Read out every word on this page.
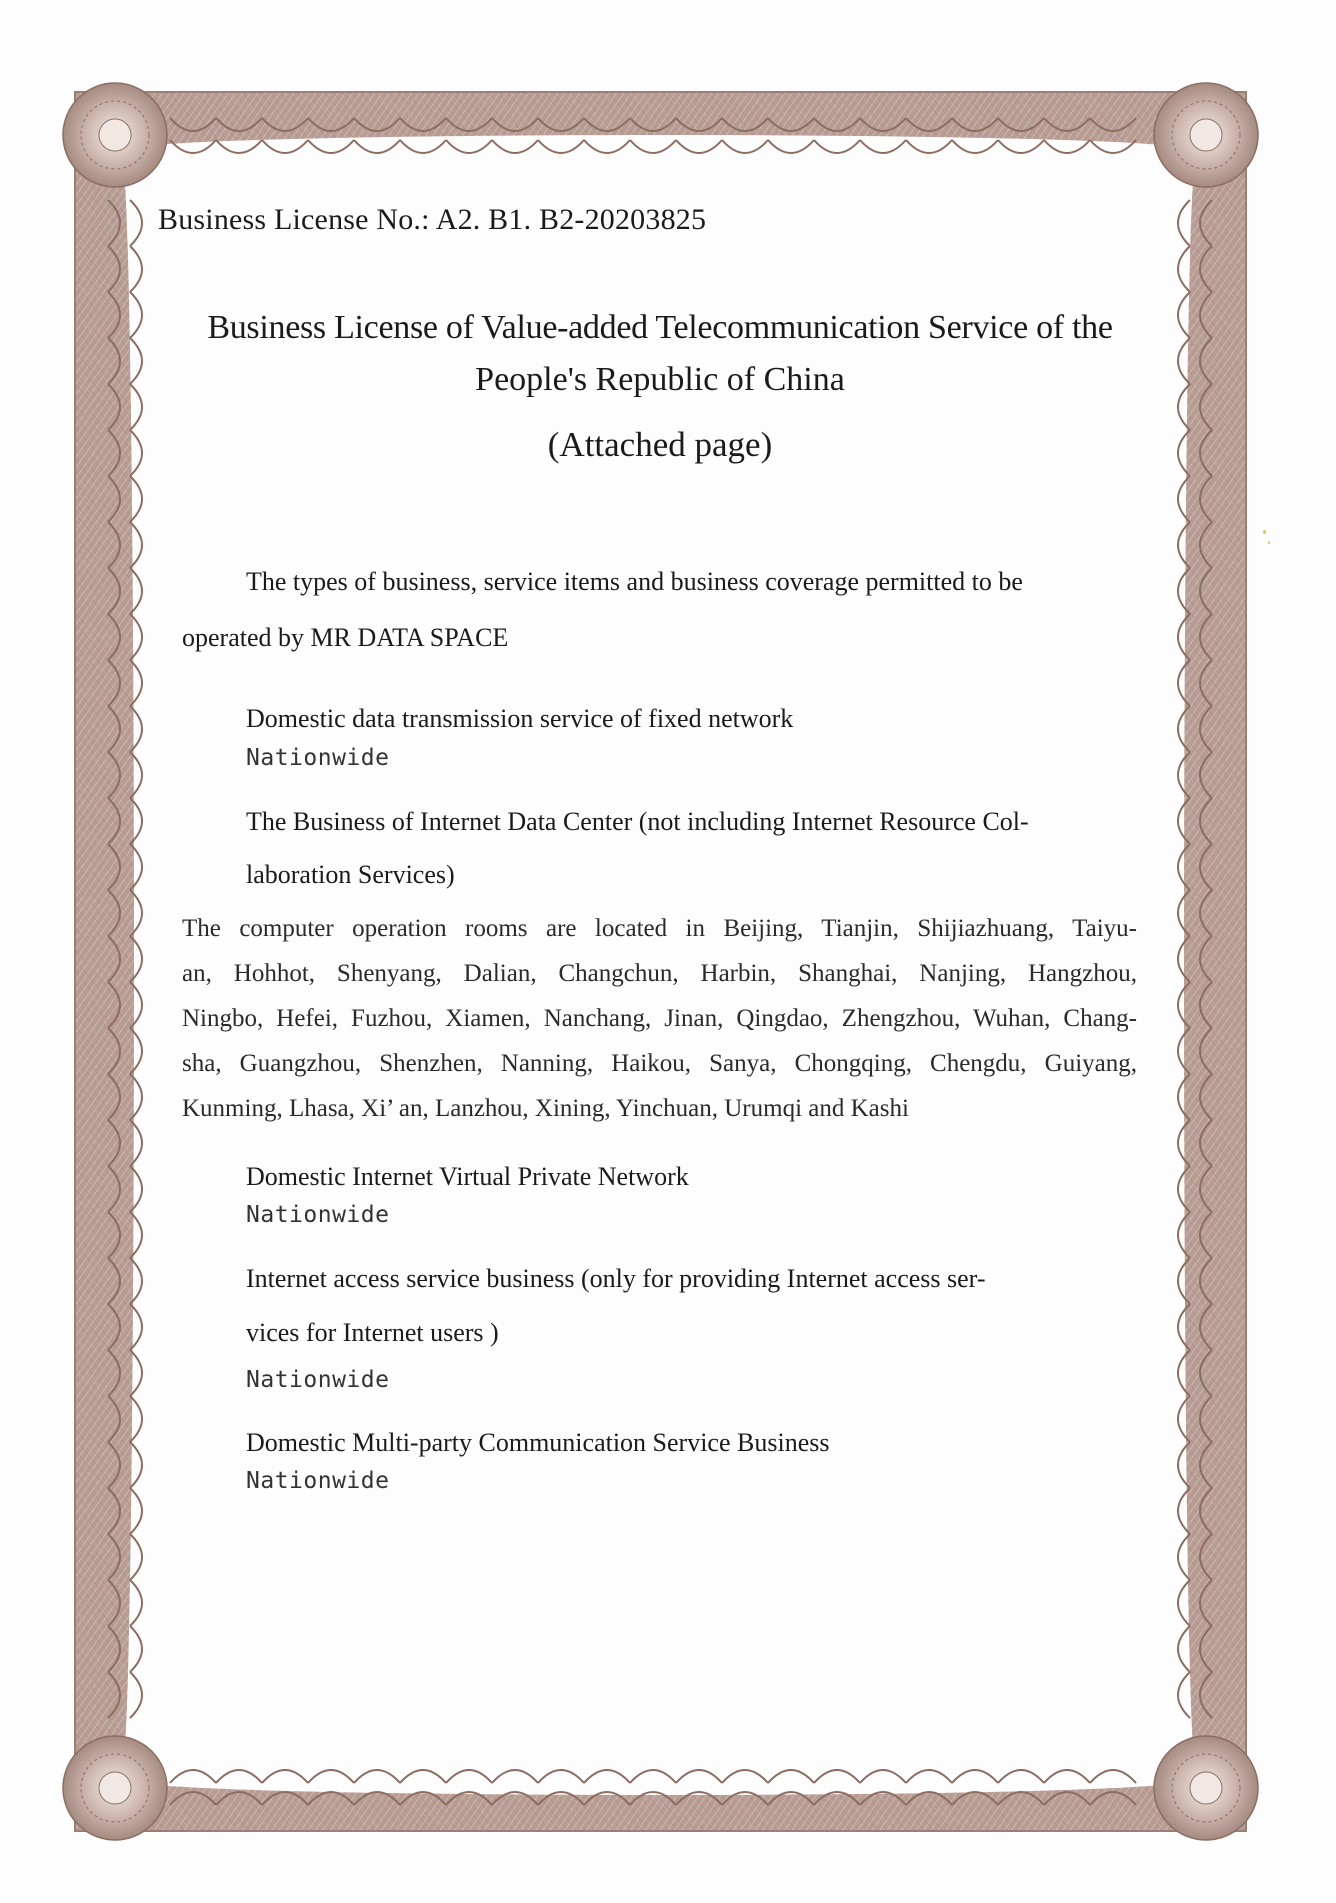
Business License No.: A2. B1. B2-20203825

Business License of Value-added Telecommunication Service of the
People's Republic of China

(Attached page)

The types of business, service items and business coverage permitted to be

operated by MR DATA SPACE

Domestic data transmission service of fixed network

Nationwide

The Business of Internet Data Center (not including Internet Resource Col-

laboration Services)

The computer operation rooms are located in Beijing, Tianjin, Shijiazhuang, Taiyu-

an, Hohhot, Shenyang, Dalian, Changchun, Harbin, Shanghai, Nanjing, Hangzhou,

Ningbo, Hefei, Fuzhou, Xiamen, Nanchang, Jinan, Qingdao, Zhengzhou, Wuhan, Chang-

sha, Guangzhou, Shenzhen, Nanning, Haikou, Sanya, Chongqing, Chengdu, Guiyang,

Kunming, Lhasa, Xi’ an, Lanzhou, Xining, Yinchuan, Urumqi and Kashi

Domestic Internet Virtual Private Network

Nationwide

Internet access service business (only for providing Internet access ser-

vices for Internet users )

Nationwide

Domestic Multi-party Communication Service Business

Nationwide
